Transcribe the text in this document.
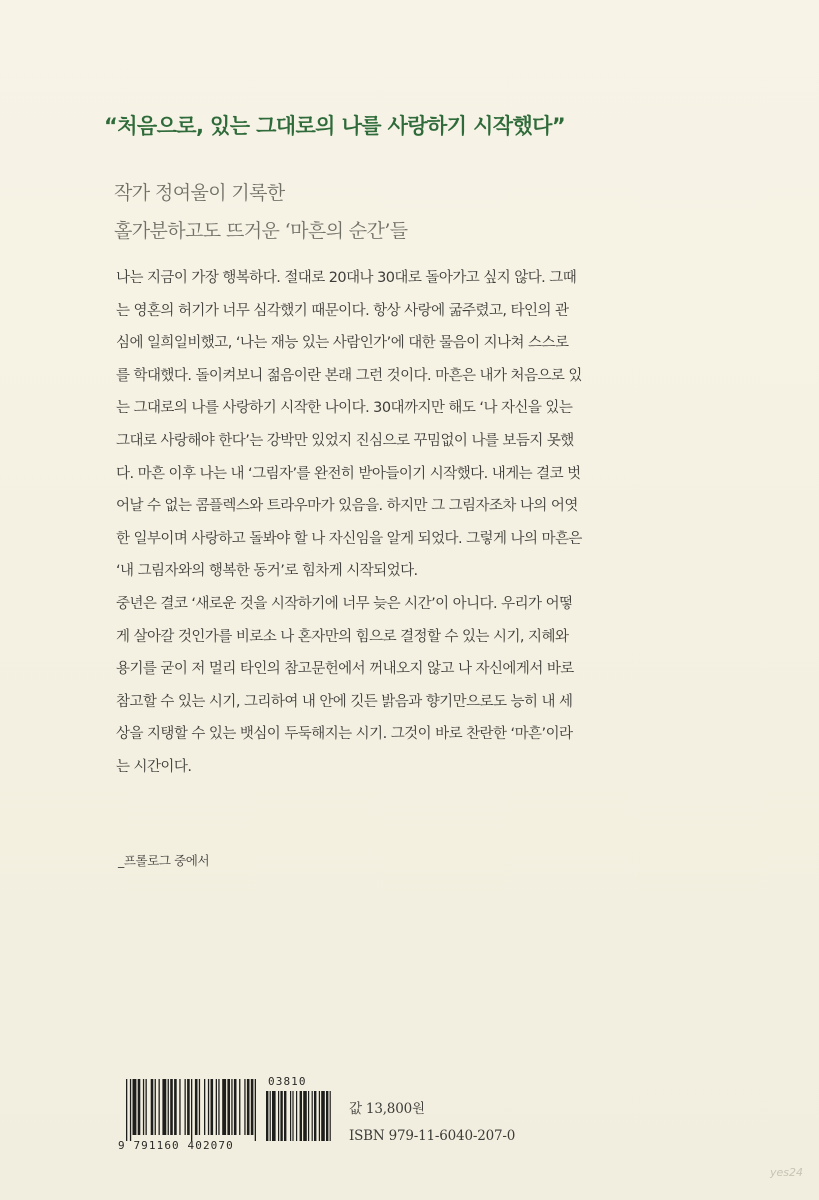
“처음으로, 있는 그대로의 나를 사랑하기 시작했다”
작가 정여울이 기록한
홀가분하고도 뜨거운 ‘마흔의 순간’들

나는 지금이 가장 행복하다. 절대로 20대나 30대로 돌아가고 싶지 않다. 그때
는 영혼의 허기가 너무 심각했기 때문이다. 항상 사랑에 굶주렸고, 타인의 관
심에 일희일비했고, ‘나는 재능 있는 사람인가’에 대한 물음이 지나쳐 스스로
를 학대했다. 돌이켜보니 젊음이란 본래 그런 것이다. 마흔은 내가 처음으로 있
는 그대로의 나를 사랑하기 시작한 나이다. 30대까지만 해도 ‘나 자신을 있는
그대로 사랑해야 한다’는 강박만 있었지 진심으로 꾸밈없이 나를 보듬지 못했
다. 마흔 이후 나는 내 ‘그림자’를 완전히 받아들이기 시작했다. 내게는 결코 벗
어날 수 없는 콤플렉스와 트라우마가 있음을. 하지만 그 그림자조차 나의 어엿
한 일부이며 사랑하고 돌봐야 할 나 자신임을 알게 되었다. 그렇게 나의 마흔은
‘내 그림자와의 행복한 동거’로 힘차게 시작되었다.

중년은 결코 ‘새로운 것을 시작하기에 너무 늦은 시간’이 아니다. 우리가 어떻
게 살아갈 것인가를 비로소 나 혼자만의 힘으로 결정할 수 있는 시기, 지혜와
용기를 굳이 저 멀리 타인의 참고문헌에서 꺼내오지 않고 나 자신에게서 바로
참고할 수 있는 시기, 그리하여 내 안에 깃든 밝음과 향기만으로도 능히 내 세
상을 지탱할 수 있는 뱃심이 두둑해지는 시기. 그것이 바로 찬란한 ‘마흔’이라
는 시간이다.

_프롤로그 중에서
9 791160 402070
03810
값 13,800원
ISBN 979-11-6040-207-0
yes24
